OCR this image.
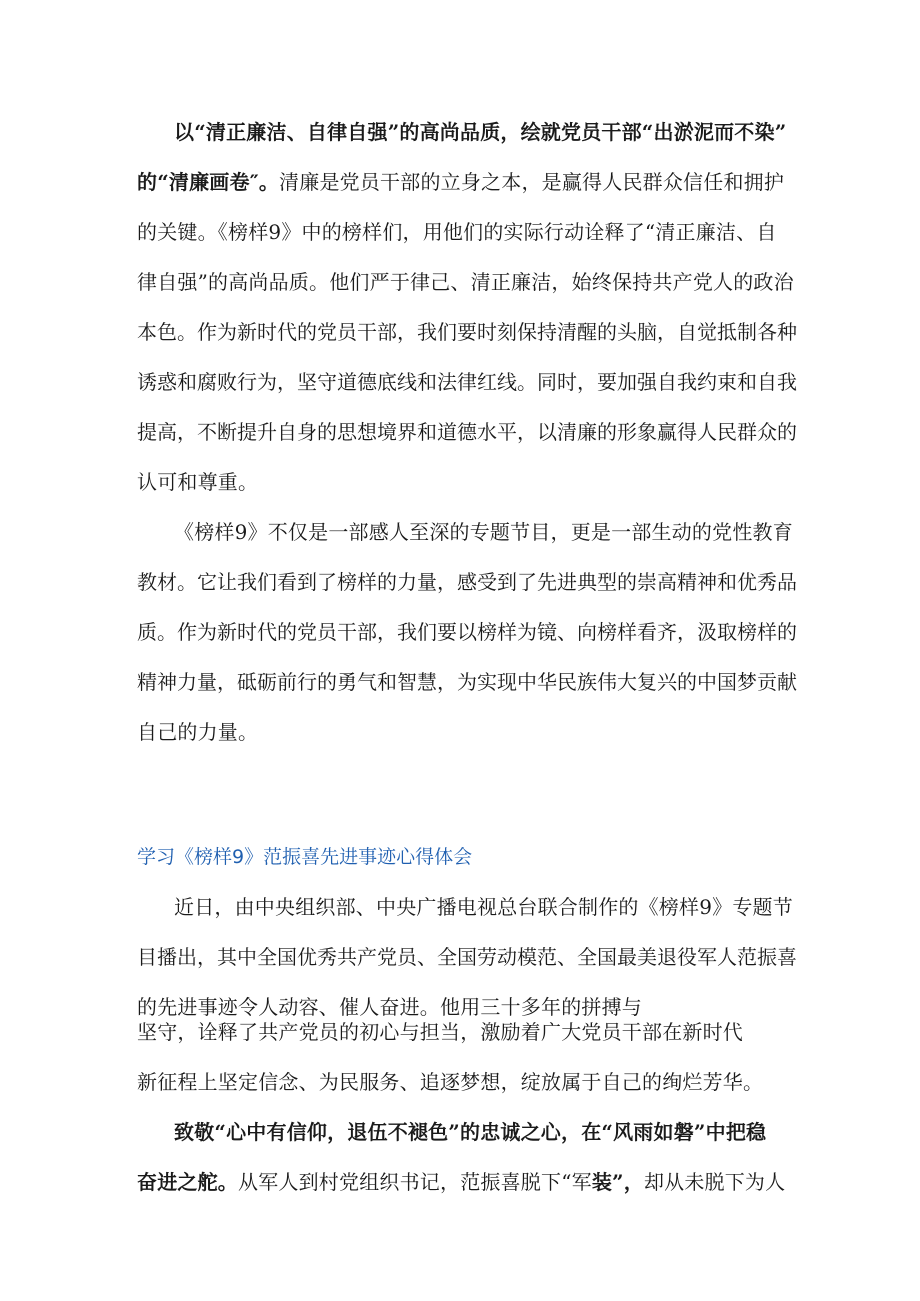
以“清正廉洁、自律自强”的高尚品质，绘就党员干部“出淤泥而不染”
的“清廉画卷″。清廉是党员干部的立身之本，是赢得人民群众信任和拥护
的关键。《榜样9》中的榜样们，用他们的实际行动诠释了“清正廉洁、自
律自强”的高尚品质。他们严于律己、清正廉洁，始终保持共产党人的政治
本色。作为新时代的党员干部，我们要时刻保持清醒的头脑，自觉抵制各种
诱惑和腐败行为，坚守道德底线和法律红线。同时，要加强自我约束和自我
提高，不断提升自身的思想境界和道德水平，以清廉的形象赢得人民群众的
认可和尊重。
《榜样9》不仅是一部感人至深的专题节目，更是一部生动的党性教育
教材。它让我们看到了榜样的力量，感受到了先进典型的崇高精神和优秀品
质。作为新时代的党员干部，我们要以榜样为镜、向榜样看齐，汲取榜样的
精神力量，砥砺前行的勇气和智慧，为实现中华民族伟大复兴的中国梦贡献
自己的力量。
学习《榜样9》范振喜先进事迹心得体会
近日，由中央组织部、中央广播电视总台联合制作的《榜样9》专题节
目播出，其中全国优秀共产党员、全国劳动模范、全国最美退役军人范振喜
的先进事迹令人动容、催人奋进。他用三十多年的拼搏与
坚守，诠释了共产党员的初心与担当，激励着广大党员干部在新时代
新征程上坚定信念、为民服务、追逐梦想，绽放属于自己的绚烂芳华。
致敬“心中有信仰，退伍不褪色”的忠诚之心，在“风雨如磐”中把稳
奋进之舵。从军人到村党组织书记，范振喜脱下“军装”，却从未脱下为人
